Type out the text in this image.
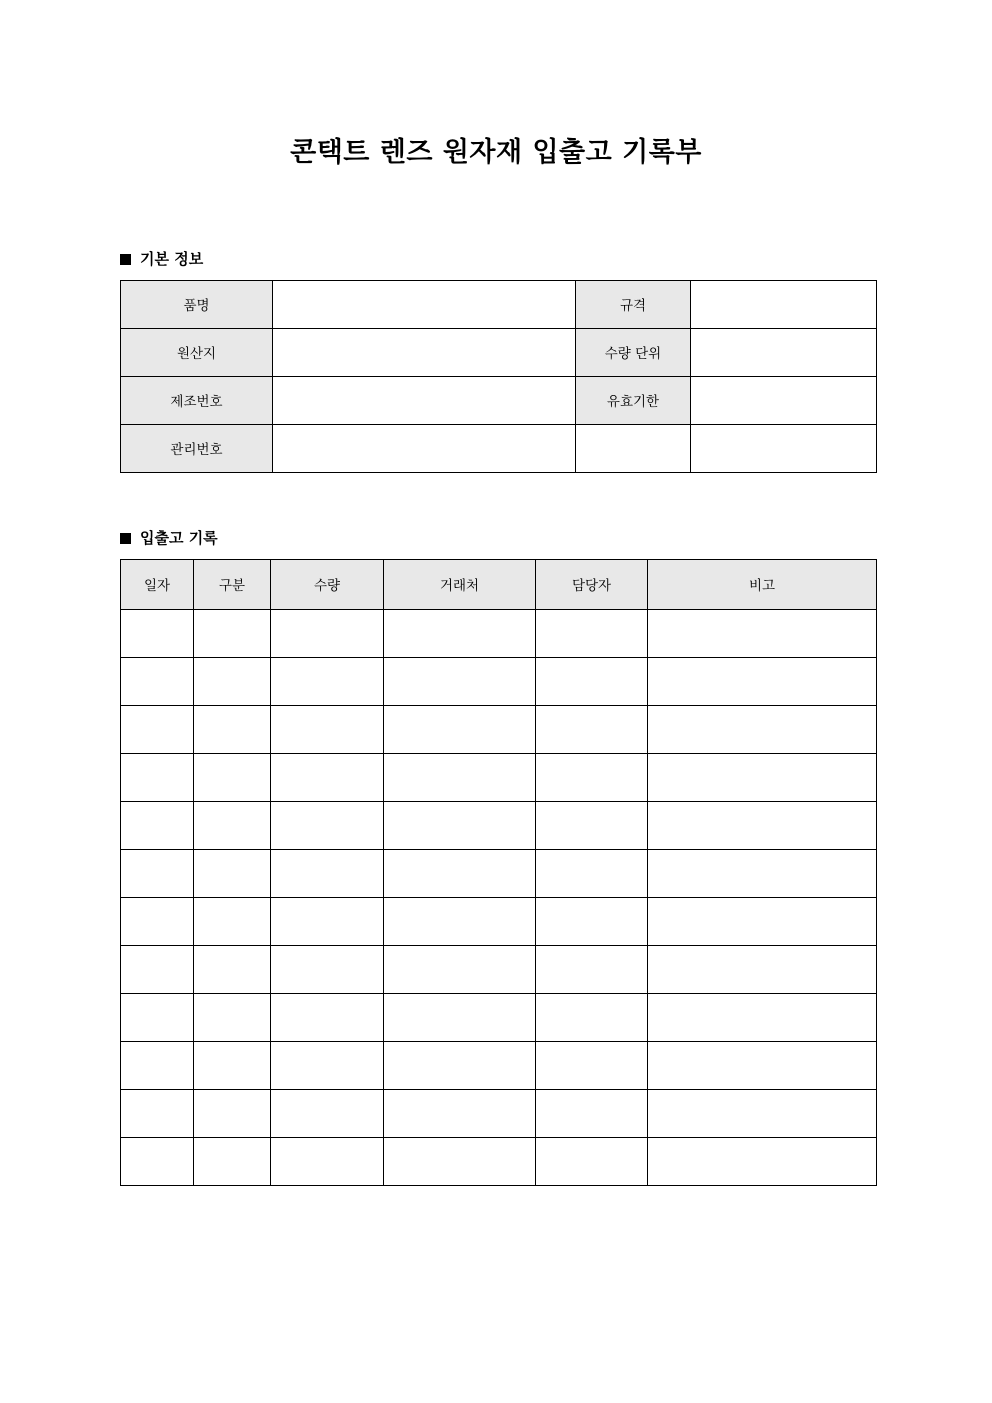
콘택트 렌즈 원자재 입출고 기록부
기본 정보
품명		규격	
원산지		수량 단위	
제조번호		유효기한	
관리번호			
입출고 기록
일자	구분	수량	거래처	담당자	비고
